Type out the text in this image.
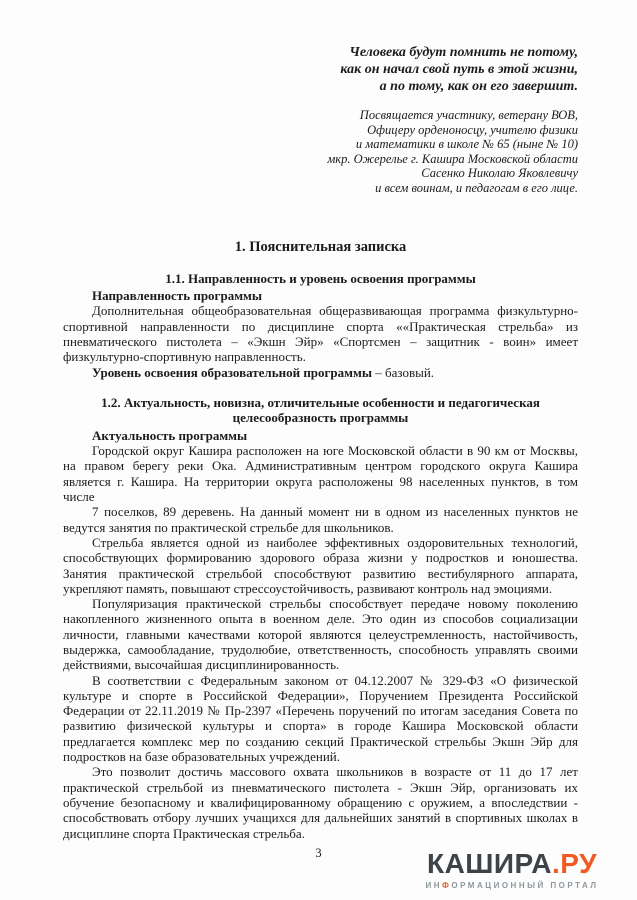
Человека будут помнить не потому,
как он начал свой путь в этой жизни,
а по тому, как он его завершит.
Посвящается участнику, ветерану ВОВ,
Офицеру орденоносцу, учителю физики
и математики в школе № 65 (ныне № 10)
мкр. Ожерелье г. Кашира Московской области
Сасенко Николаю Яковлевичу
и всем воинам, и педагогам в его лице.
1. Пояснительная записка
1.1. Направленность и уровень освоения программы

Направленность программы

Дополнительная общеобразовательная общеразвивающая программа физкультурно-спортивной направленности по дисциплине спорта ««Практическая стрельба» из пневматического пистолета – «Экшн Эйр» «Спортсмен – защитник - воин» имеет физкультурно-спортивную направленность.

Уровень освоения образовательной программы – базовый.

1.2. Актуальность, новизна, отличительные особенности и педагогическая целесообразность программы

Актуальность программы

Городской округ Кашира расположен на юге Московской области в 90 км от Москвы, на правом берегу реки Ока. Административным центром городского округа Кашира является г. Кашира. На территории округа расположены 98 населенных пунктов, в том числе

7 поселков, 89 деревень. На данный момент ни в одном из населенных пунктов не ведутся занятия по практической стрельбе для школьников.

Стрельба является одной из наиболее эффективных оздоровительных технологий, способствующих формированию здорового образа жизни у подростков и юношества. Занятия практической стрельбой способствуют развитию вестибулярного аппарата, укрепляют память, повышают стрессоустойчивость, развивают контроль над эмоциями.

Популяризация практической стрельбы способствует передаче новому поколению накопленного жизненного опыта в военном деле. Это один из способов социализации личности, главными качествами которой являются целеустремленность, настойчивость, выдержка, самообладание, трудолюбие, ответственность, способность управлять своими действиями, высочайшая дисциплинированность.

В соответствии с Федеральным законом от 04.12.2007 № 329-ФЗ «О физической культуре и спорте в Российской Федерации», Поручением Президента Российской Федерации от 22.11.2019 № Пр-2397 «Перечень поручений по итогам заседания Совета по развитию физической культуры и спорта» в городе Кашира Московской области предлагается комплекс мер по созданию секций Практической стрельбы Экшн Эйр для подростков на базе образовательных учреждений.

Это позволит достичь массового охвата школьников в возрасте от 11 до 17 лет практической стрельбой из пневматического пистолета - Экшн Эйр, организовать их обучение безопасному и квалифицированному обращению с оружием, а впоследствии - способствовать отбору лучших учащихся для дальнейших занятий в спортивных школах в дисциплине спорта Практическая стрельба.

3	КАШИРА.РУ
ИНФОРМАЦИОННЫЙ ПОРТАЛ
